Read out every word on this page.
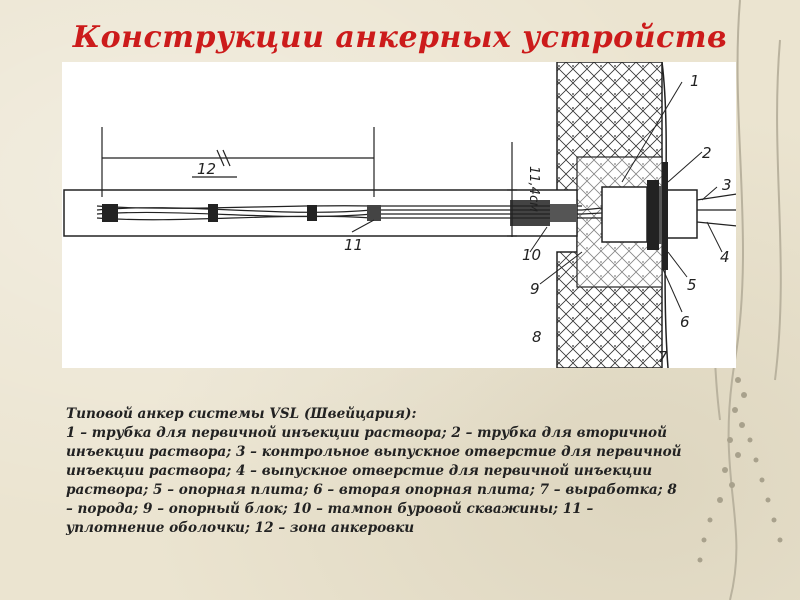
Конструкции анкерных устройств
1
2
3
4
5
6
7
8
9
10
11
12	11,4см
Типовой анкер системы VSL (Швейцария):
1 – трубка для первичной инъекции раствора; 2 – трубка для вторичной
инъекции раствора; 3 – контрольное выпускное отверстие для первичной
инъекции раствора; 4 – выпускное отверстие для первичной инъекции
раствора; 5 – опорная плита; 6 – вторая опорная плита; 7 – выработка; 8
– порода; 9 – опорный блок; 10 – тампон буровой скважины; 11 –
уплотнение оболочки; 12 – зона анкеровки
